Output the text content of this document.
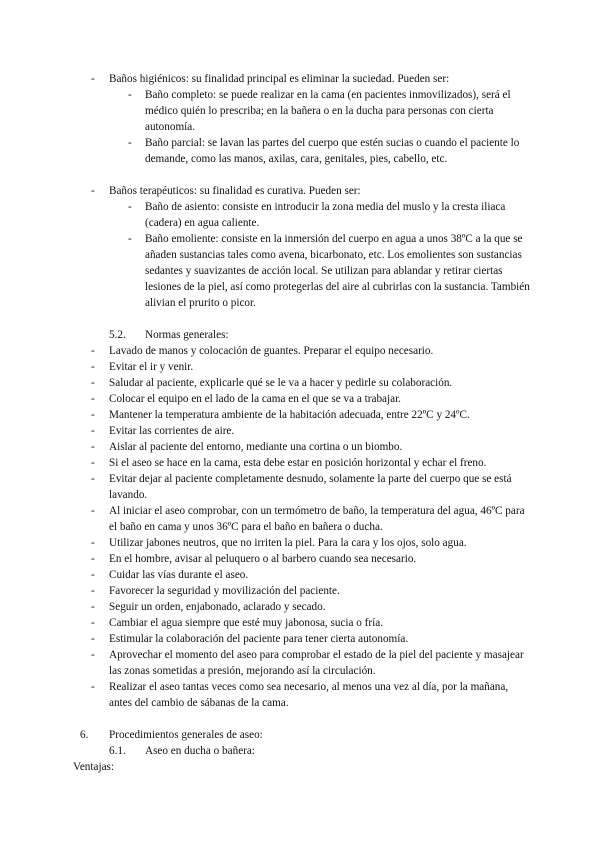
- Baños higiénicos: su finalidad principal es eliminar la suciedad. Pueden ser:

- Baño completo: se puede realizar en la cama (en pacientes inmovilizados), será el médico quién lo prescriba; en la bañera o en la ducha para personas con cierta autonomía.

- Baño parcial: se lavan las partes del cuerpo que estén sucias o cuando el paciente lo demande, como las manos, axilas, cara, genitales, pies, cabello, etc.

- Baños terapéuticos: su finalidad es curativa. Pueden ser:

- Baño de asiento: consiste en introducir la zona media del muslo y la cresta iliaca (cadera) en agua caliente.

- Baño emoliente: consiste en la inmersión del cuerpo en agua a unos 38ºC a la que se añaden sustancias tales como avena, bicarbonato, etc. Los emolientes son sustancias sedantes y suavizantes de acción local. Se utilizan para ablandar y retirar ciertas lesiones de la piel, así como protegerlas del aire al cubrirlas con la sustancia. También alivian el prurito o picor.

5.2. Normas generales:
- Lavado de manos y colocación de guantes. Preparar el equipo necesario.

- Evitar el ir y venir.

- Saludar al paciente, explicarle qué se le va a hacer y pedirle su colaboración.

- Colocar el equipo en el lado de la cama en el que se va a trabajar.

- Mantener la temperatura ambiente de la habitación adecuada, entre 22ºC y 24ºC.

- Evitar las corrientes de aire.

- Aislar al paciente del entorno, mediante una cortina o un biombo.

- Si el aseo se hace en la cama, esta debe estar en posición horizontal y echar el freno.

- Evitar dejar al paciente completamente desnudo, solamente la parte del cuerpo que se está lavando.

- Al iniciar el aseo comprobar, con un termómetro de baño, la temperatura del agua, 46ºC para el baño en cama y unos 36ºC para el baño en bañera o ducha.

- Utilizar jabones neutros, que no irriten la piel. Para la cara y los ojos, solo agua.

- En el hombre, avisar al peluquero o al barbero cuando sea necesario.

- Cuidar las vías durante el aseo.

- Favorecer la seguridad y movilización del paciente.

- Seguir un orden, enjabonado, aclarado y secado.

- Cambiar el agua siempre que esté muy jabonosa, sucia o fría.

- Estimular la colaboración del paciente para tener cierta autonomía.

- Aprovechar el momento del aseo para comprobar el estado de la piel del paciente y masajear las zonas sometidas a presión, mejorando así la circulación.

- Realizar el aseo tantas veces como sea necesario, al menos una vez al día, por la mañana, antes del cambio de sábanas de la cama.

6. Procedimientos generales de aseo:
6.1. Aseo en ducha o bañera:
Ventajas:
